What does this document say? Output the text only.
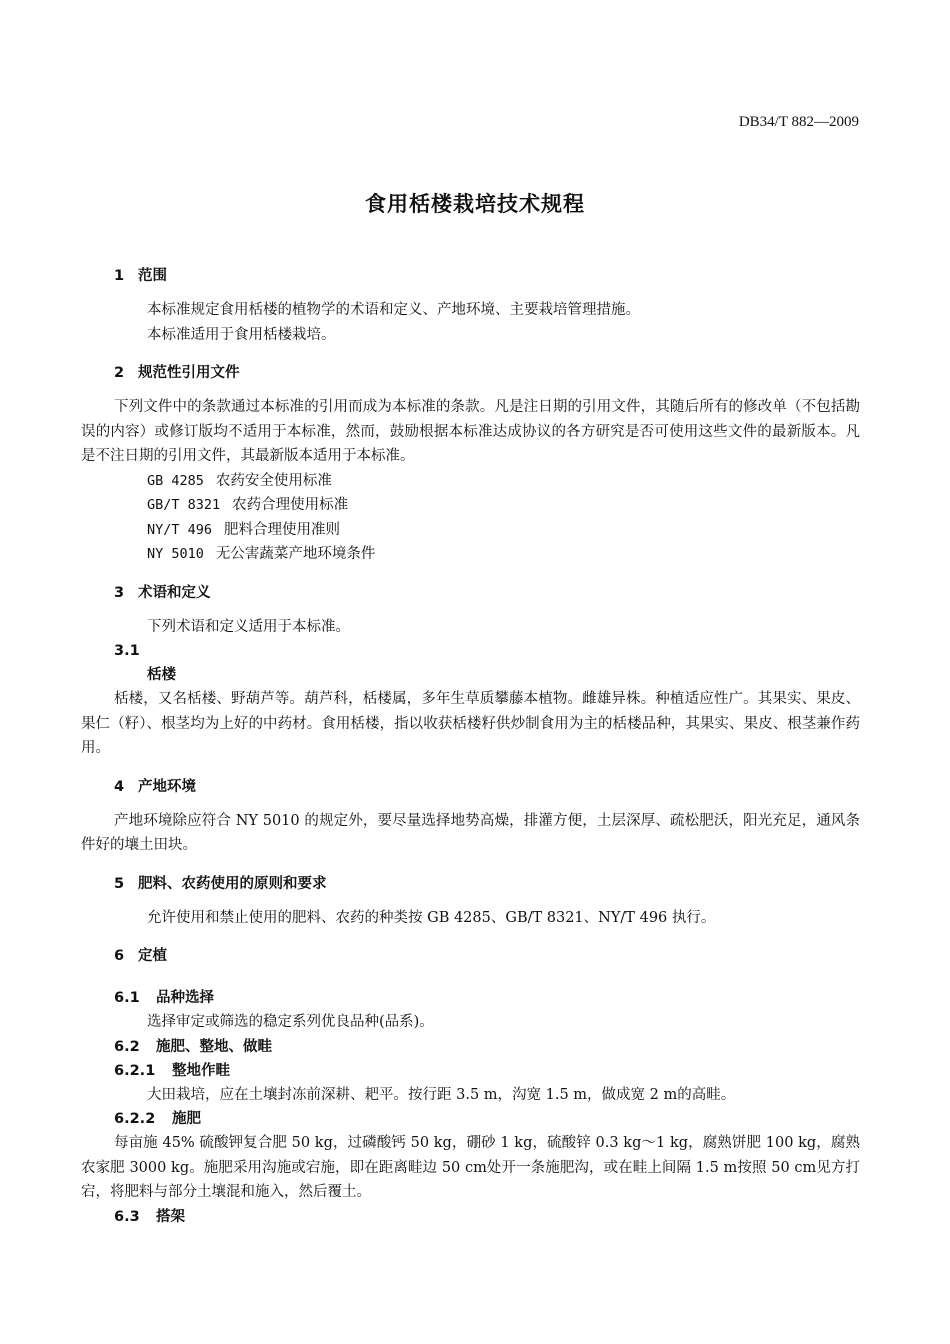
DB34/T 882—2009
食用栝楼栽培技术规程

1 范围

本标准规定食用栝楼的植物学的术语和定义、产地环境、主要栽培管理措施。

本标准适用于食用栝楼栽培。

2 规范性引用文件

下列文件中的条款通过本标准的引用而成为本标准的条款。凡是注日期的引用文件，其随后所有的修改单（不包括勘误的内容）或修订版均不适用于本标准，然而，鼓励根据本标准达成协议的各方研究是否可使用这些文件的最新版本。凡是不注日期的引用文件，其最新版本适用于本标准。

GB 4285 农药安全使用标准

GB/T 8321 农药合理使用标准

NY/T 496 肥料合理使用准则

NY 5010 无公害蔬菜产地环境条件

3 术语和定义

下列术语和定义适用于本标准。

3.1

栝楼

栝楼，又名栝楼、野葫芦等。葫芦科，栝楼属，多年生草质攀藤本植物。雌雄异株。种植适应性广。其果实、果皮、果仁（籽）、根茎均为上好的中药材。食用栝楼，指以收获栝楼籽供炒制食用为主的栝楼品种，其果实、果皮、根茎兼作药用。

4 产地环境

产地环境除应符合 NY 5010 的规定外，要尽量选择地势高燥，排灌方便，土层深厚、疏松肥沃，阳光充足，通风条件好的壤土田块。

5 肥料、农药使用的原则和要求

允许使用和禁止使用的肥料、农药的种类按 GB 4285、GB/T 8321、NY/T 496 执行。

6 定植

6.1 品种选择

选择审定或筛选的稳定系列优良品种(品系)。

6.2 施肥、整地、做畦

6.2.1 整地作畦

大田栽培，应在土壤封冻前深耕、耙平。按行距 3.5 m，沟宽 1.5 m，做成宽 2 m的高畦。

6.2.2 施肥

每亩施 45% 硫酸钾复合肥 50 kg，过磷酸钙 50 kg，硼砂 1 kg，硫酸锌 0.3 kg～1 kg，腐熟饼肥 100 kg，腐熟农家肥 3000 kg。施肥采用沟施或宕施，即在距离畦边 50 cm处开一条施肥沟，或在畦上间隔 1.5 m按照 50 cm见方打宕，将肥料与部分土壤混和施入，然后覆土。

6.3 搭架
